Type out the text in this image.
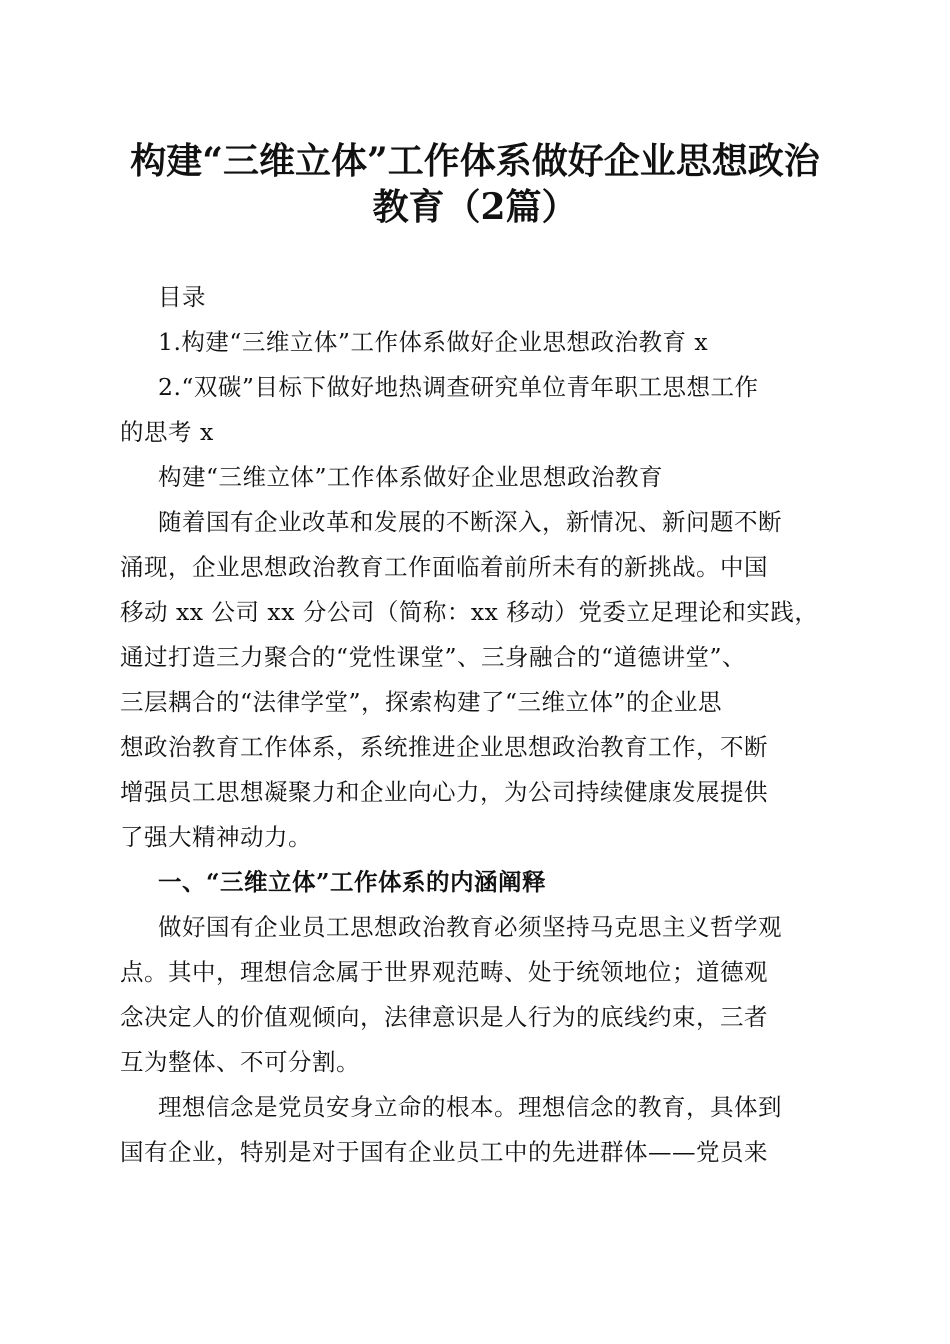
构建“三维立体”工作体系做好企业思想政治
教育（2篇）
目录
1.构建“三维立体”工作体系做好企业思想政治教育 x
2.“双碳”目标下做好地热调查研究单位青年职工思想工作
的思考 x
构建“三维立体”工作体系做好企业思想政治教育
随着国有企业改革和发展的不断深入，新情况、新问题不断
涌现，企业思想政治教育工作面临着前所未有的新挑战。中国
移动 xx 公司 xx 分公司（简称：xx 移动）党委立足理论和实践，
通过打造三力聚合的“党性课堂”、三身融合的“道德讲堂”、
三层耦合的“法律学堂”，探索构建了“三维立体”的企业思
想政治教育工作体系，系统推进企业思想政治教育工作，不断
增强员工思想凝聚力和企业向心力，为公司持续健康发展提供
了强大精神动力。
一、“三维立体”工作体系的内涵阐释
做好国有企业员工思想政治教育必须坚持马克思主义哲学观
点。其中，理想信念属于世界观范畴、处于统领地位；道德观
念决定人的价值观倾向，法律意识是人行为的底线约束，三者
互为整体、不可分割。
理想信念是党员安身立命的根本。理想信念的教育，具体到
国有企业，特别是对于国有企业员工中的先进群体——党员来
